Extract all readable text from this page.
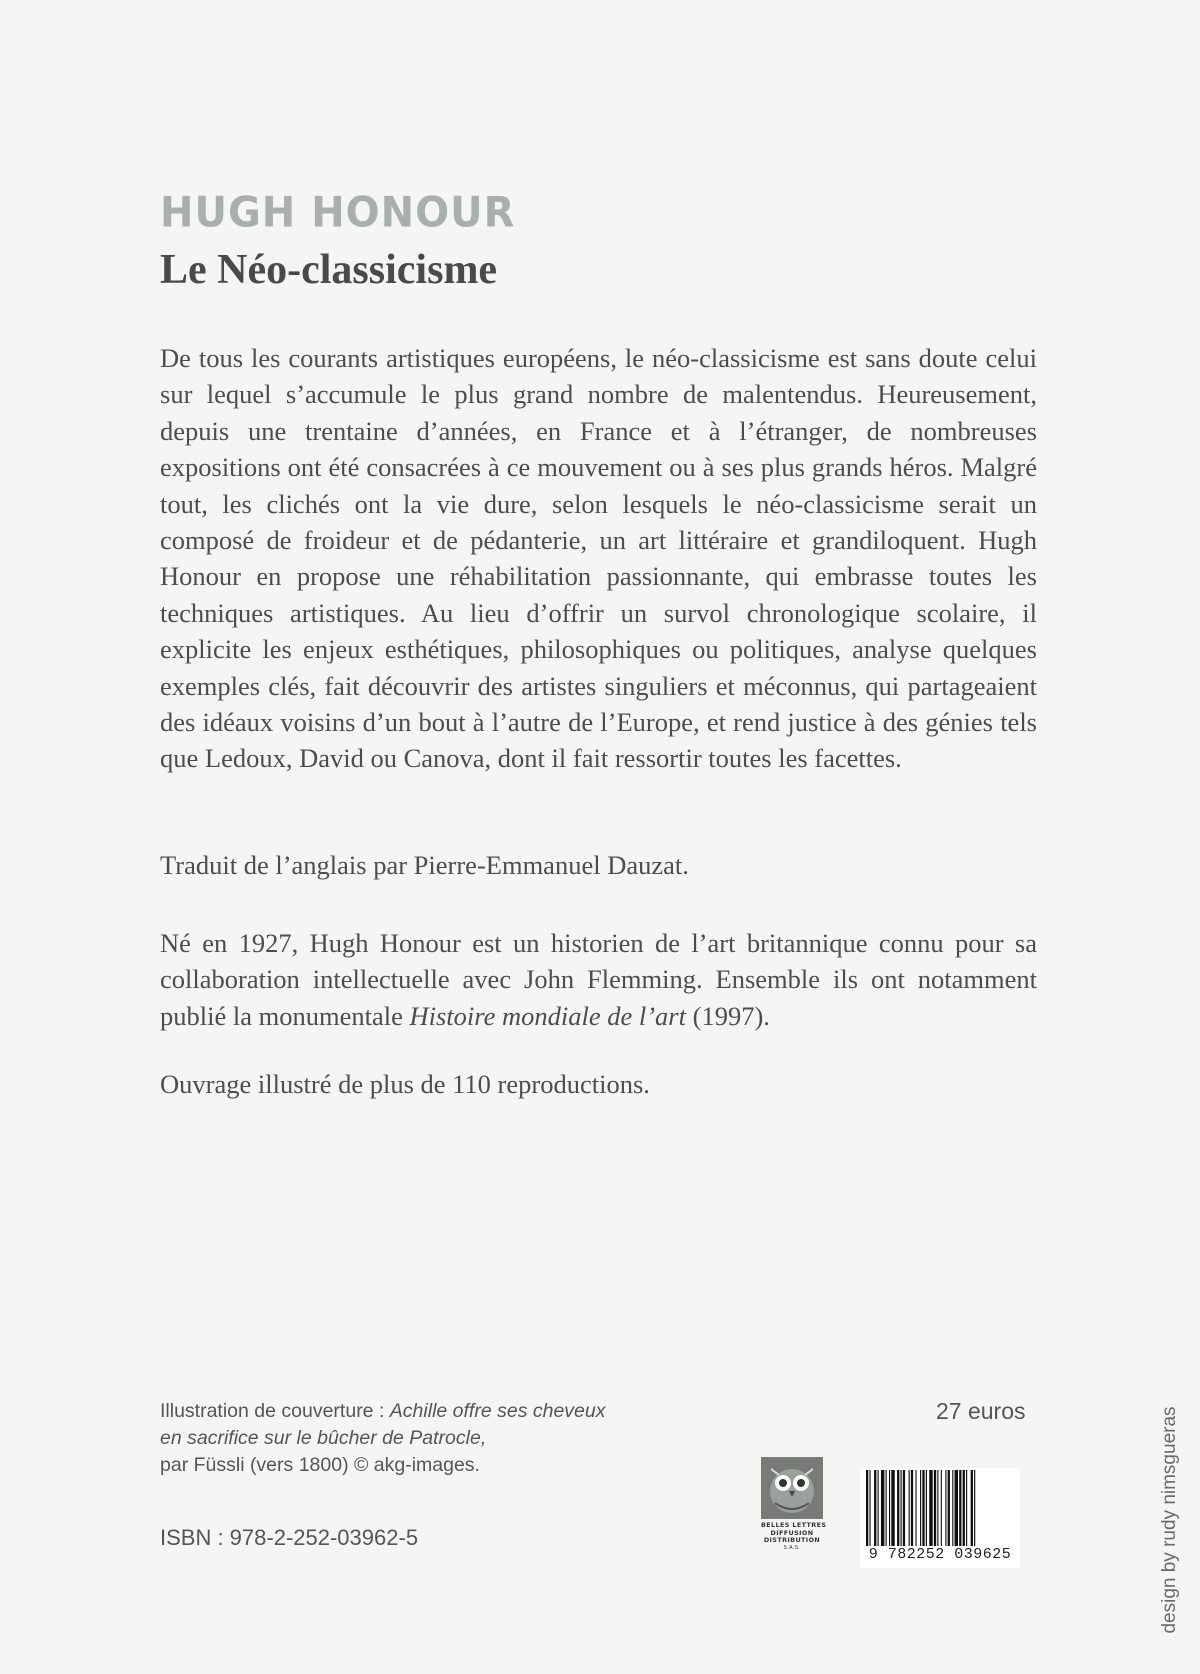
HUGH HONOUR
Le Néo-classicisme

De tous les courants artistiques européens, le néo-classicisme est sans doute celui sur lequel s’accumule le plus grand nombre de malentendus. Heureusement, depuis une trentaine d’années, en France et à l’étranger, de nombreuses expositions ont été consacrées à ce mouvement ou à ses plus grands héros. Malgré tout, les clichés ont la vie dure, selon lesquels le néo-classicisme serait un composé de froideur et de pédanterie, un art littéraire et grandiloquent. Hugh Honour en propose une réhabilitation passionnante, qui embrasse toutes les techniques artistiques. Au lieu d’offrir un survol chronologique scolaire, il explicite les enjeux esthétiques, philosophiques ou politiques, analyse quelques exemples clés, fait découvrir des artistes singuliers et méconnus, qui partageaient des idéaux voisins d’un bout à l’autre de l’Europe, et rend justice à des génies tels que Ledoux, David ou Canova, dont il fait ressortir toutes les facettes.

Traduit de l’anglais par Pierre-Emmanuel Dauzat.

Né en 1927, Hugh Honour est un historien de l’art britannique connu pour sa collaboration intellectuelle avec John Flemming. Ensemble ils ont notamment publié la monumentale Histoire mondiale de l’art (1997).

Ouvrage illustré de plus de 110 reproductions.

Illustration de couverture : Achille offre ses cheveux en sacrifice sur le bûcher de Patrocle,
par Füssli (vers 1800) © akg-images.

ISBN : 978-2-252-03962-5

27 euros

BELLES LETTRES
DIFFUSION
DISTRIBUTION
S.A.S.	9 782252 039625	design by rudy nimsgueras
